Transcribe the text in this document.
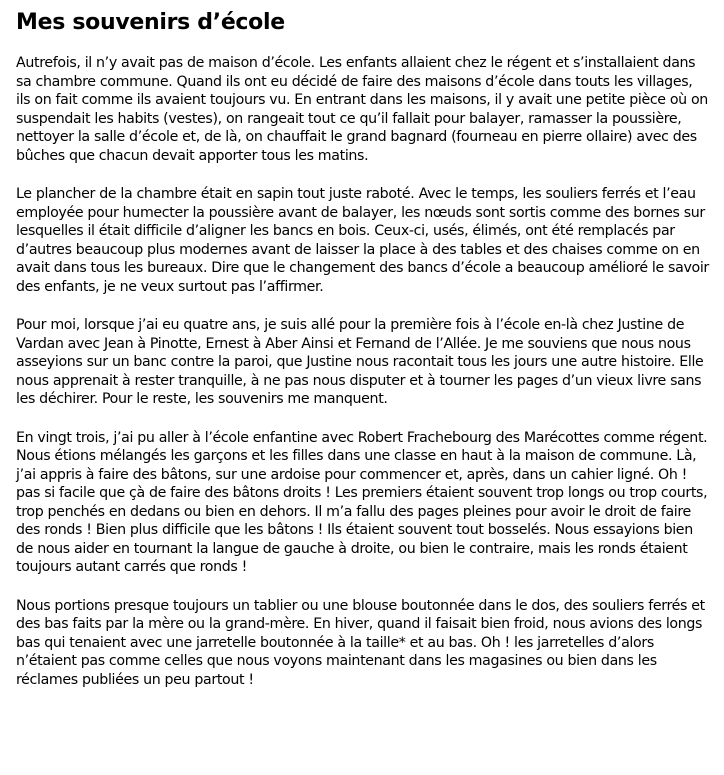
Mes souvenirs d’école

Autrefois, il n’y avait pas de maison d’école. Les enfants allaient chez le régent et s’installaient dans sa chambre commune. Quand ils ont eu décidé de faire des maisons d’école dans touts les villages, ils on fait comme ils avaient toujours vu. En entrant dans les maisons, il y avait une petite pièce où on suspendait les habits (vestes), on rangeait tout ce qu’il fallait pour balayer, ramasser la poussière, nettoyer la salle d’école et, de là, on chauffait le grand bagnard (fourneau en pierre ollaire) avec des bûches que chacun devait apporter tous les matins.

Le plancher de la chambre était en sapin tout juste raboté. Avec le temps, les souliers ferrés et l’eau employée pour humecter la poussière avant de balayer, les nœuds sont sortis comme des bornes sur lesquelles il était difficile d’aligner les bancs en bois. Ceux-ci, usés, élimés, ont été remplacés par d’autres beaucoup plus modernes avant de laisser la place à des tables et des chaises comme on en avait dans tous les bureaux. Dire que le changement des bancs d’école a beaucoup amélioré le savoir des enfants, je ne veux surtout pas l’affirmer.

Pour moi, lorsque j’ai eu quatre ans, je suis allé pour la première fois à l’école en-là chez Justine de Vardan avec Jean à Pinotte, Ernest à Aber Ainsi et Fernand de l’Allée. Je me souviens que nous nous asseyions sur un banc contre la paroi, que Justine nous racontait tous les jours une autre histoire. Elle nous apprenait à rester tranquille, à ne pas nous disputer et à tourner les pages d’un vieux livre sans les déchirer. Pour le reste, les souvenirs me manquent.

En vingt trois, j’ai pu aller à l’école enfantine avec Robert Frachebourg des Marécottes comme régent. Nous étions mélangés les garçons et les filles dans une classe en haut à la maison de commune. Là, j’ai appris à faire des bâtons, sur une ardoise pour commencer et, après, dans un cahier ligné. Oh ! pas si facile que çà de faire des bâtons droits ! Les premiers étaient souvent trop longs ou trop courts, trop penchés en dedans ou bien en dehors. Il m’a fallu des pages pleines pour avoir le droit de faire des ronds ! Bien plus difficile que les bâtons ! Ils étaient souvent tout bosselés. Nous essayions bien de nous aider en tournant la langue de gauche à droite, ou bien le contraire, mais les ronds étaient toujours autant carrés que ronds !

Nous portions presque toujours un tablier ou une blouse boutonnée dans le dos, des souliers ferrés et des bas faits par la mère ou la grand-mère. En hiver, quand il faisait bien froid, nous avions des longs bas qui tenaient avec une jarretelle boutonnée à la taille* et au bas. Oh ! les jarretelles d’alors n’étaient pas comme celles que nous voyons maintenant dans les magasines ou bien dans les réclames publiées un peu partout !
